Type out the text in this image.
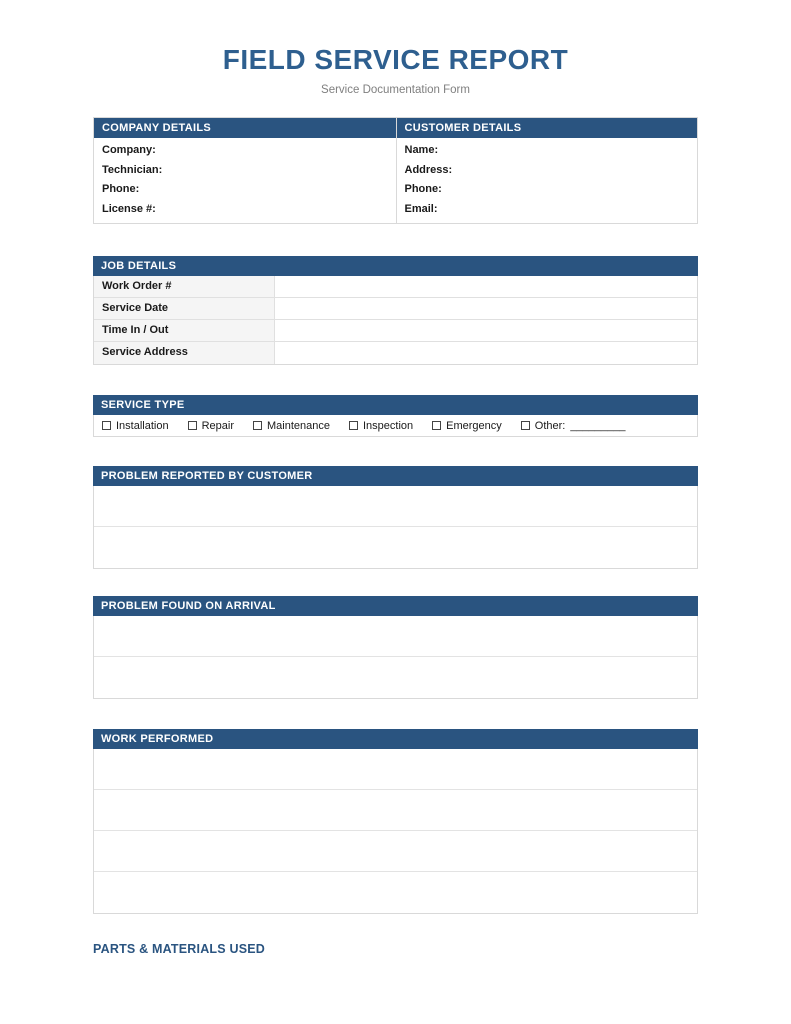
FIELD SERVICE REPORT
Service Documentation Form
COMPANY DETAILS
Company:
Technician:
Phone:
License #:
CUSTOMER DETAILS
Name:
Address:
Phone:
Email:
JOB DETAILS
Work Order #
Service Date
Time In / Out
Service Address
SERVICE TYPE
Installation	Repair	Maintenance	Inspection	Emergency	Other: _________
PROBLEM REPORTED BY CUSTOMER
PROBLEM FOUND ON ARRIVAL
WORK PERFORMED
PARTS & MATERIALS USED
